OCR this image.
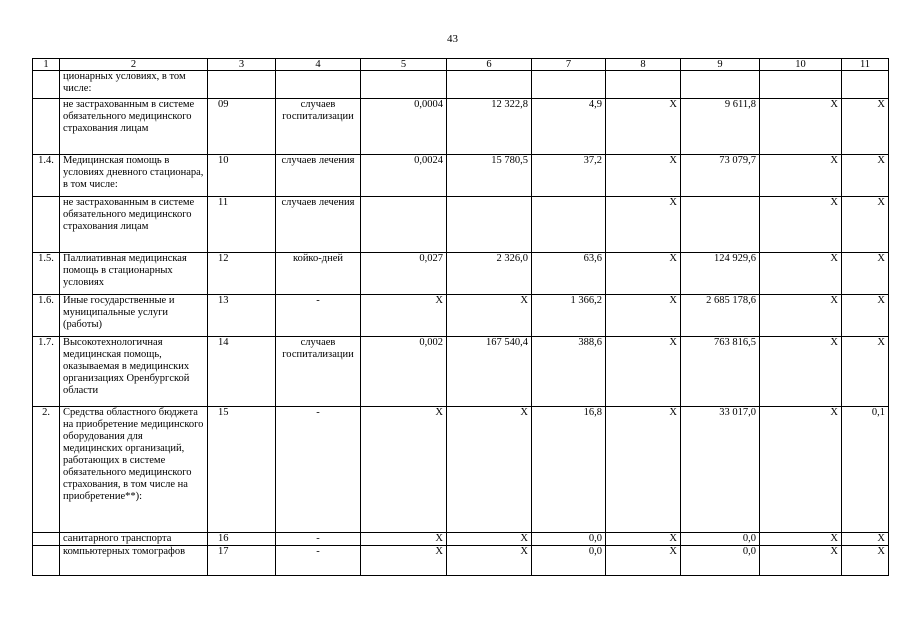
43
1	2	3	4	5	6	7	8	9	10	11
	ционарных условиях, в том числе:									
	не застрахованным в системе обязательного медицинского страхования лицам	09	случаев госпитализации	0,0004	12 322,8	4,9	X	9 611,8	X	X
1.4.	Медицинская помощь в условиях дневного стационара, в том числе:	10	случаев лечения	0,0024	15 780,5	37,2	X	73 079,7	X	X
	не застрахованным в системе обязательного медицинского страхования лицам	11	случаев лечения				X		X	X
1.5.	Паллиативная медицинская помощь в стационарных условиях	12	койко-дней	0,027	2 326,0	63,6	X	124 929,6	X	X
1.6.	Иные государственные и муниципальные услуги (работы)	13	-	X	X	1 366,2	X	2 685 178,6	X	X
1.7.	Высокотехнологичная медицинская помощь, оказываемая в медицинских организациях Оренбургской области	14	случаев госпитализации	0,002	167 540,4	388,6	X	763 816,5	X	X
2.	Средства областного бюджета на приобретение медицинского оборудования для медицинских организаций, работающих в системе обязательного медицинского страхования, в том числе на приобретение**):	15	-	X	X	16,8	X	33 017,0	X	0,1
	санитарного транспорта	16	-	X	X	0,0	X	0,0	X	X
	компьютерных томографов	17	-	X	X	0,0	X	0,0	X	X
